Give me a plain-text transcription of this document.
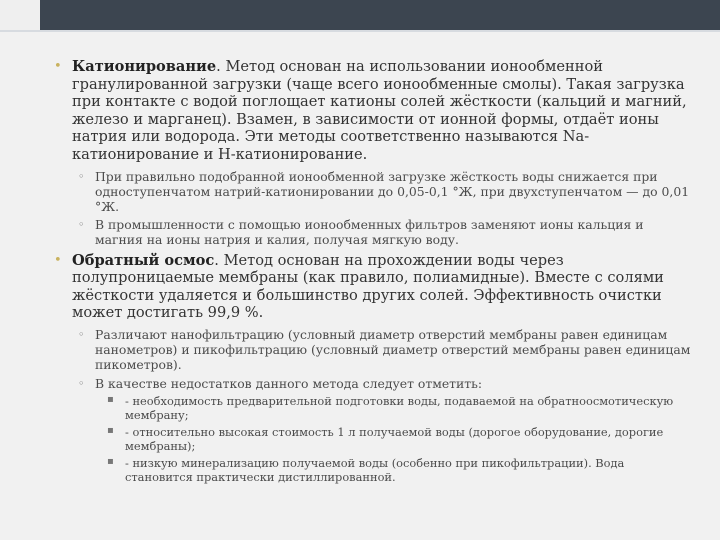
• Катионирование. Метод основан на использовании ионообменной гранулированной загрузки (чаще всего ионообменные смолы). Такая загрузка при контакте с водой поглощает катионы солей жёсткости (кальций и магний, железо и марганец). Взамен, в зависимости от ионной формы, отдаёт ионы натрия или водорода. Эти методы соответственно называются Na-катионирование и Н-катионирование.
◦ При правильно подобранной ионообменной загрузке жёсткость воды снижается при одноступенчатом натрий-катионировании до 0,05-0,1 °Ж, при двухступенчатом — до 0,01 °Ж.
◦ В промышленности с помощью ионообменных фильтров заменяют ионы кальция и магния на ионы натрия и калия, получая мягкую воду.
• Обратный осмос. Метод основан на прохождении воды через полупроницаемые мембраны (как правило, полиамидные). Вместе с солями жёсткости удаляется и большинство других солей. Эффективность очистки может достигать 99,9 %.
◦ Различают нанофильтрацию (условный диаметр отверстий мембраны равен единицам нанометров) и пикофильтрацию (условный диаметр отверстий мембраны равен единицам пикометров).
◦ В качестве недостатков данного метода следует отметить:
▪ - необходимость предварительной подготовки воды, подаваемой на обратноосмотическую мембрану;
▪ - относительно высокая стоимость 1 л получаемой воды (дорогое оборудование, дорогие мембраны);
▪ - низкую минерализацию получаемой воды (особенно при пикофильтрации). Вода становится практически дистиллированной.
